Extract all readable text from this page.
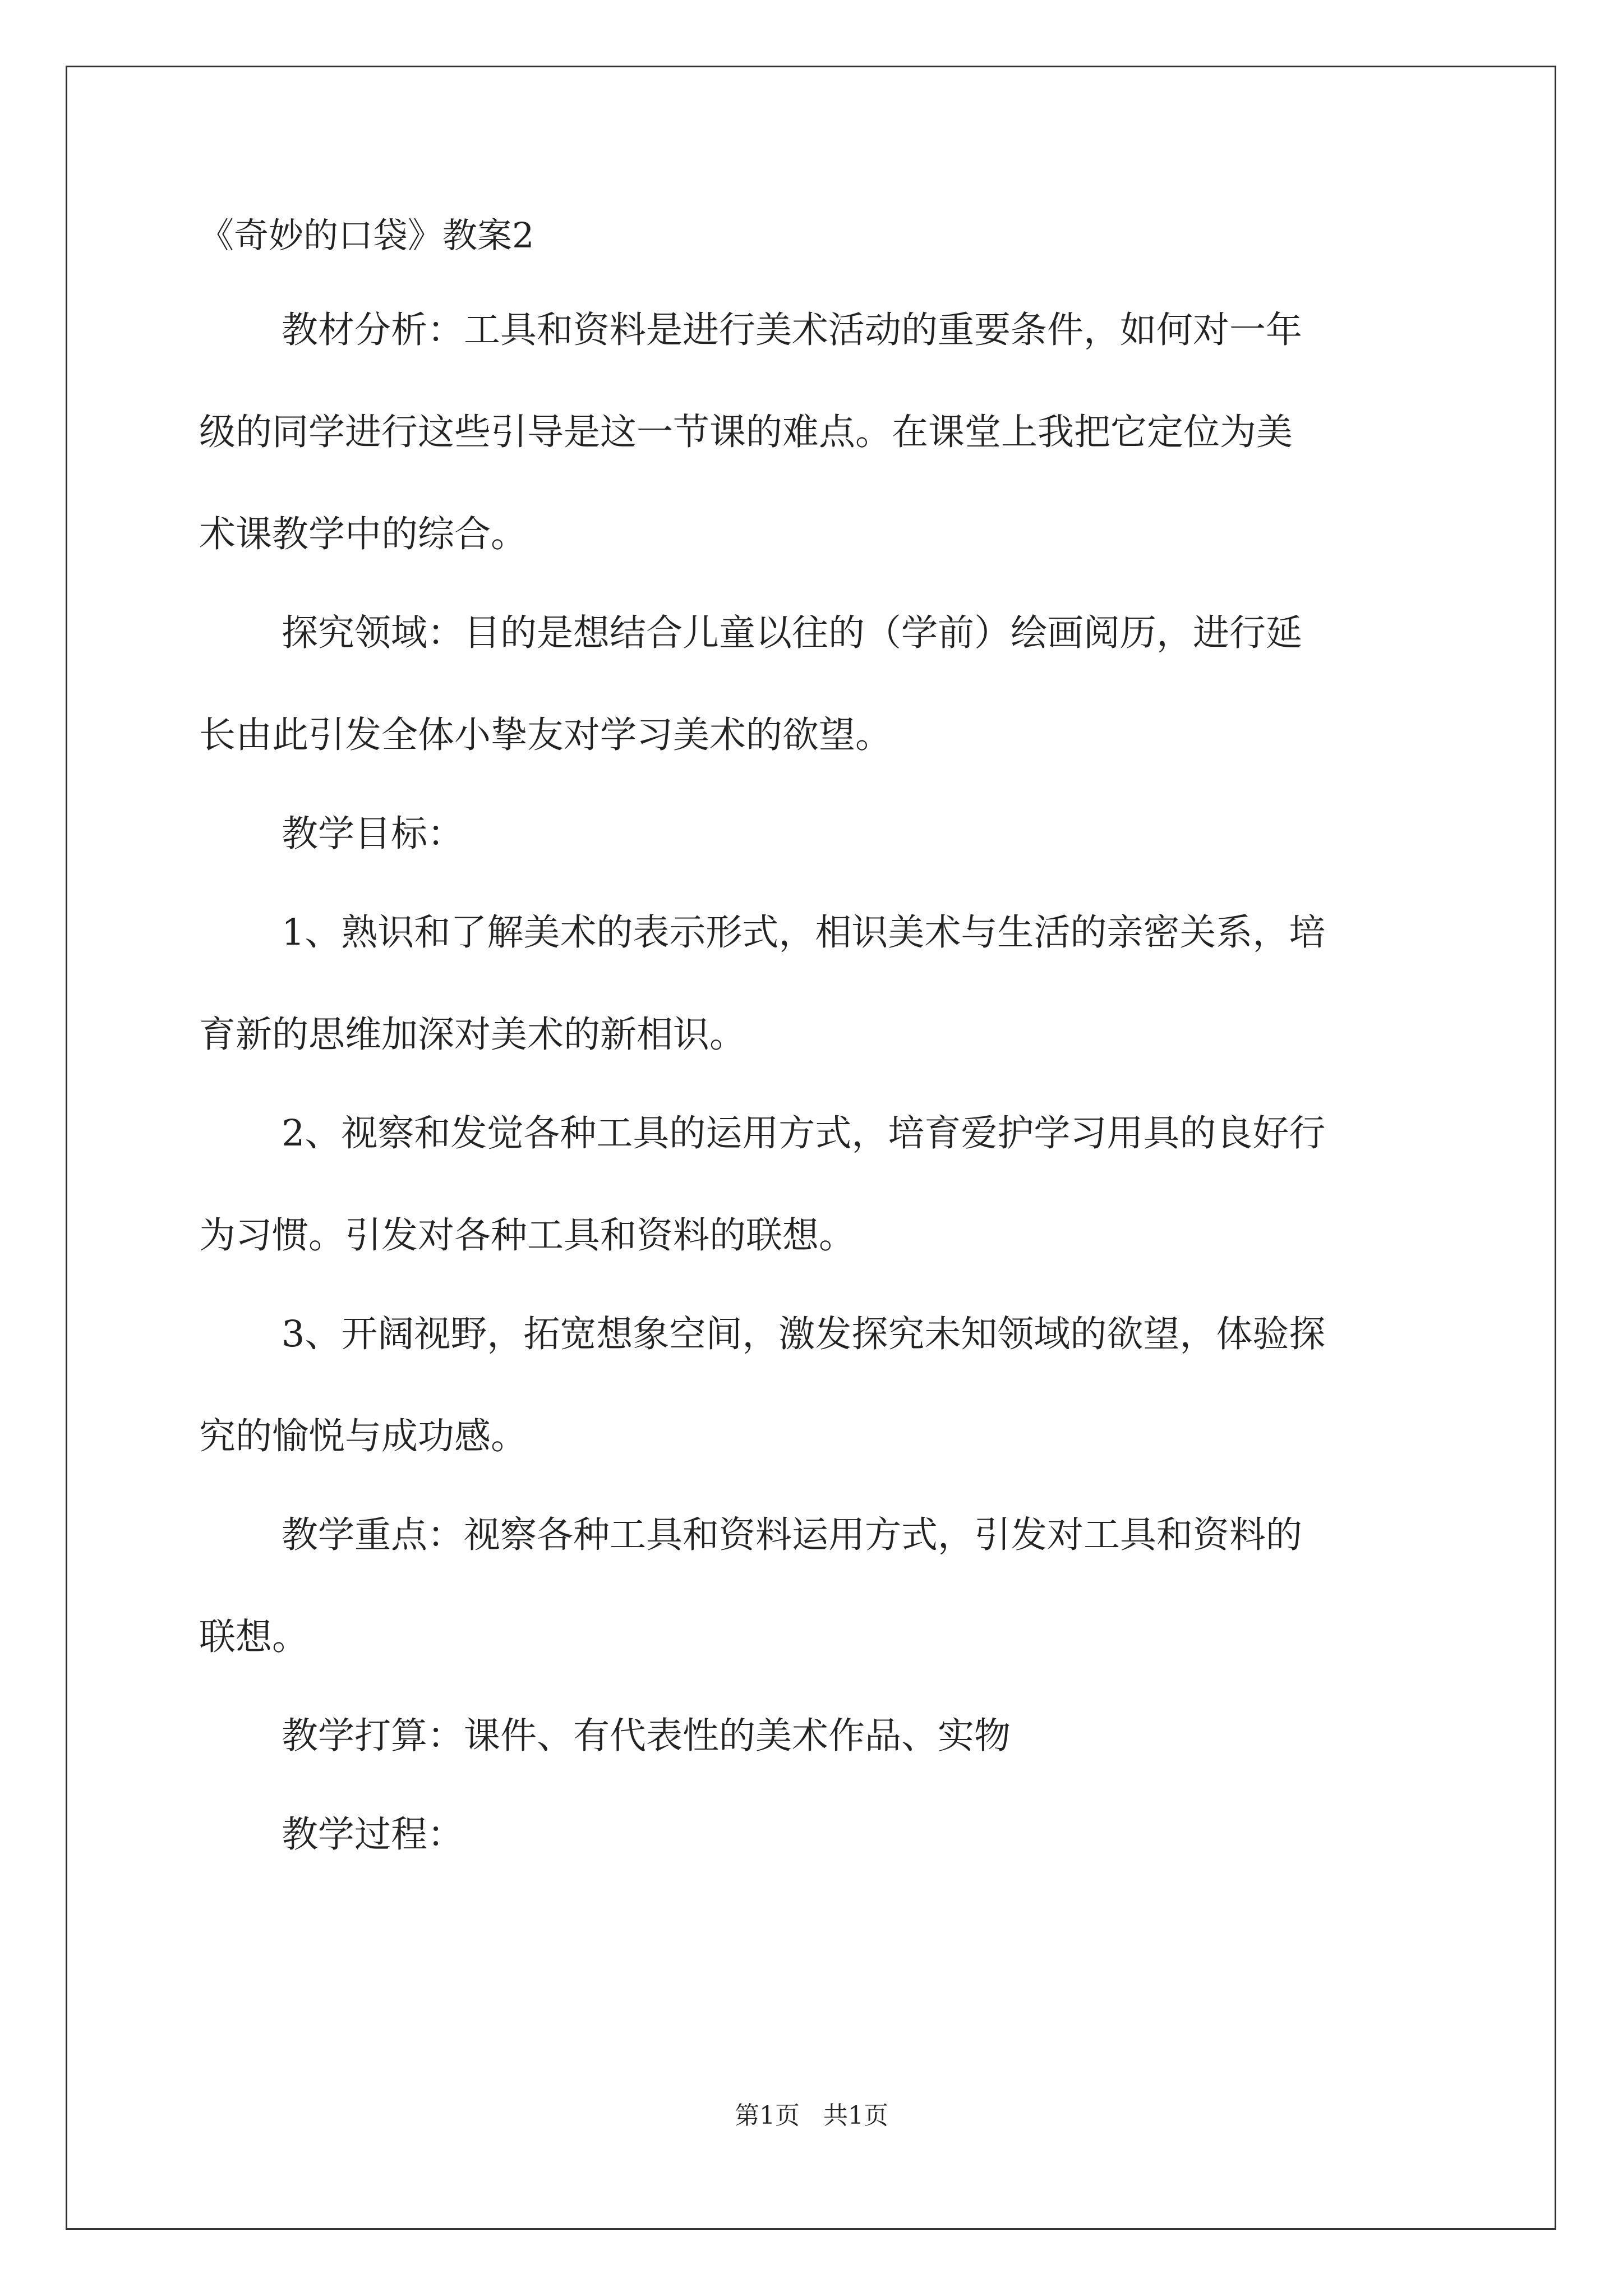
《奇妙的口袋》教案2
教材分析：工具和资料是进行美术活动的重要条件，如何对一年
级的同学进行这些引导是这一节课的难点。在课堂上我把它定位为美
术课教学中的综合。
探究领域：目的是想结合儿童以往的（学前）绘画阅历，进行延
长由此引发全体小挚友对学习美术的欲望。
教学目标：
1、熟识和了解美术的表示形式，相识美术与生活的亲密关系，培
育新的思维加深对美术的新相识。
2、视察和发觉各种工具的运用方式，培育爱护学习用具的良好行
为习惯。引发对各种工具和资料的联想。
3、开阔视野，拓宽想象空间，激发探究未知领域的欲望，体验探
究的愉悦与成功感。
教学重点：视察各种工具和资料运用方式，引发对工具和资料的
联想。
教学打算：课件、有代表性的美术作品、实物
教学过程：
第1页   共1页
